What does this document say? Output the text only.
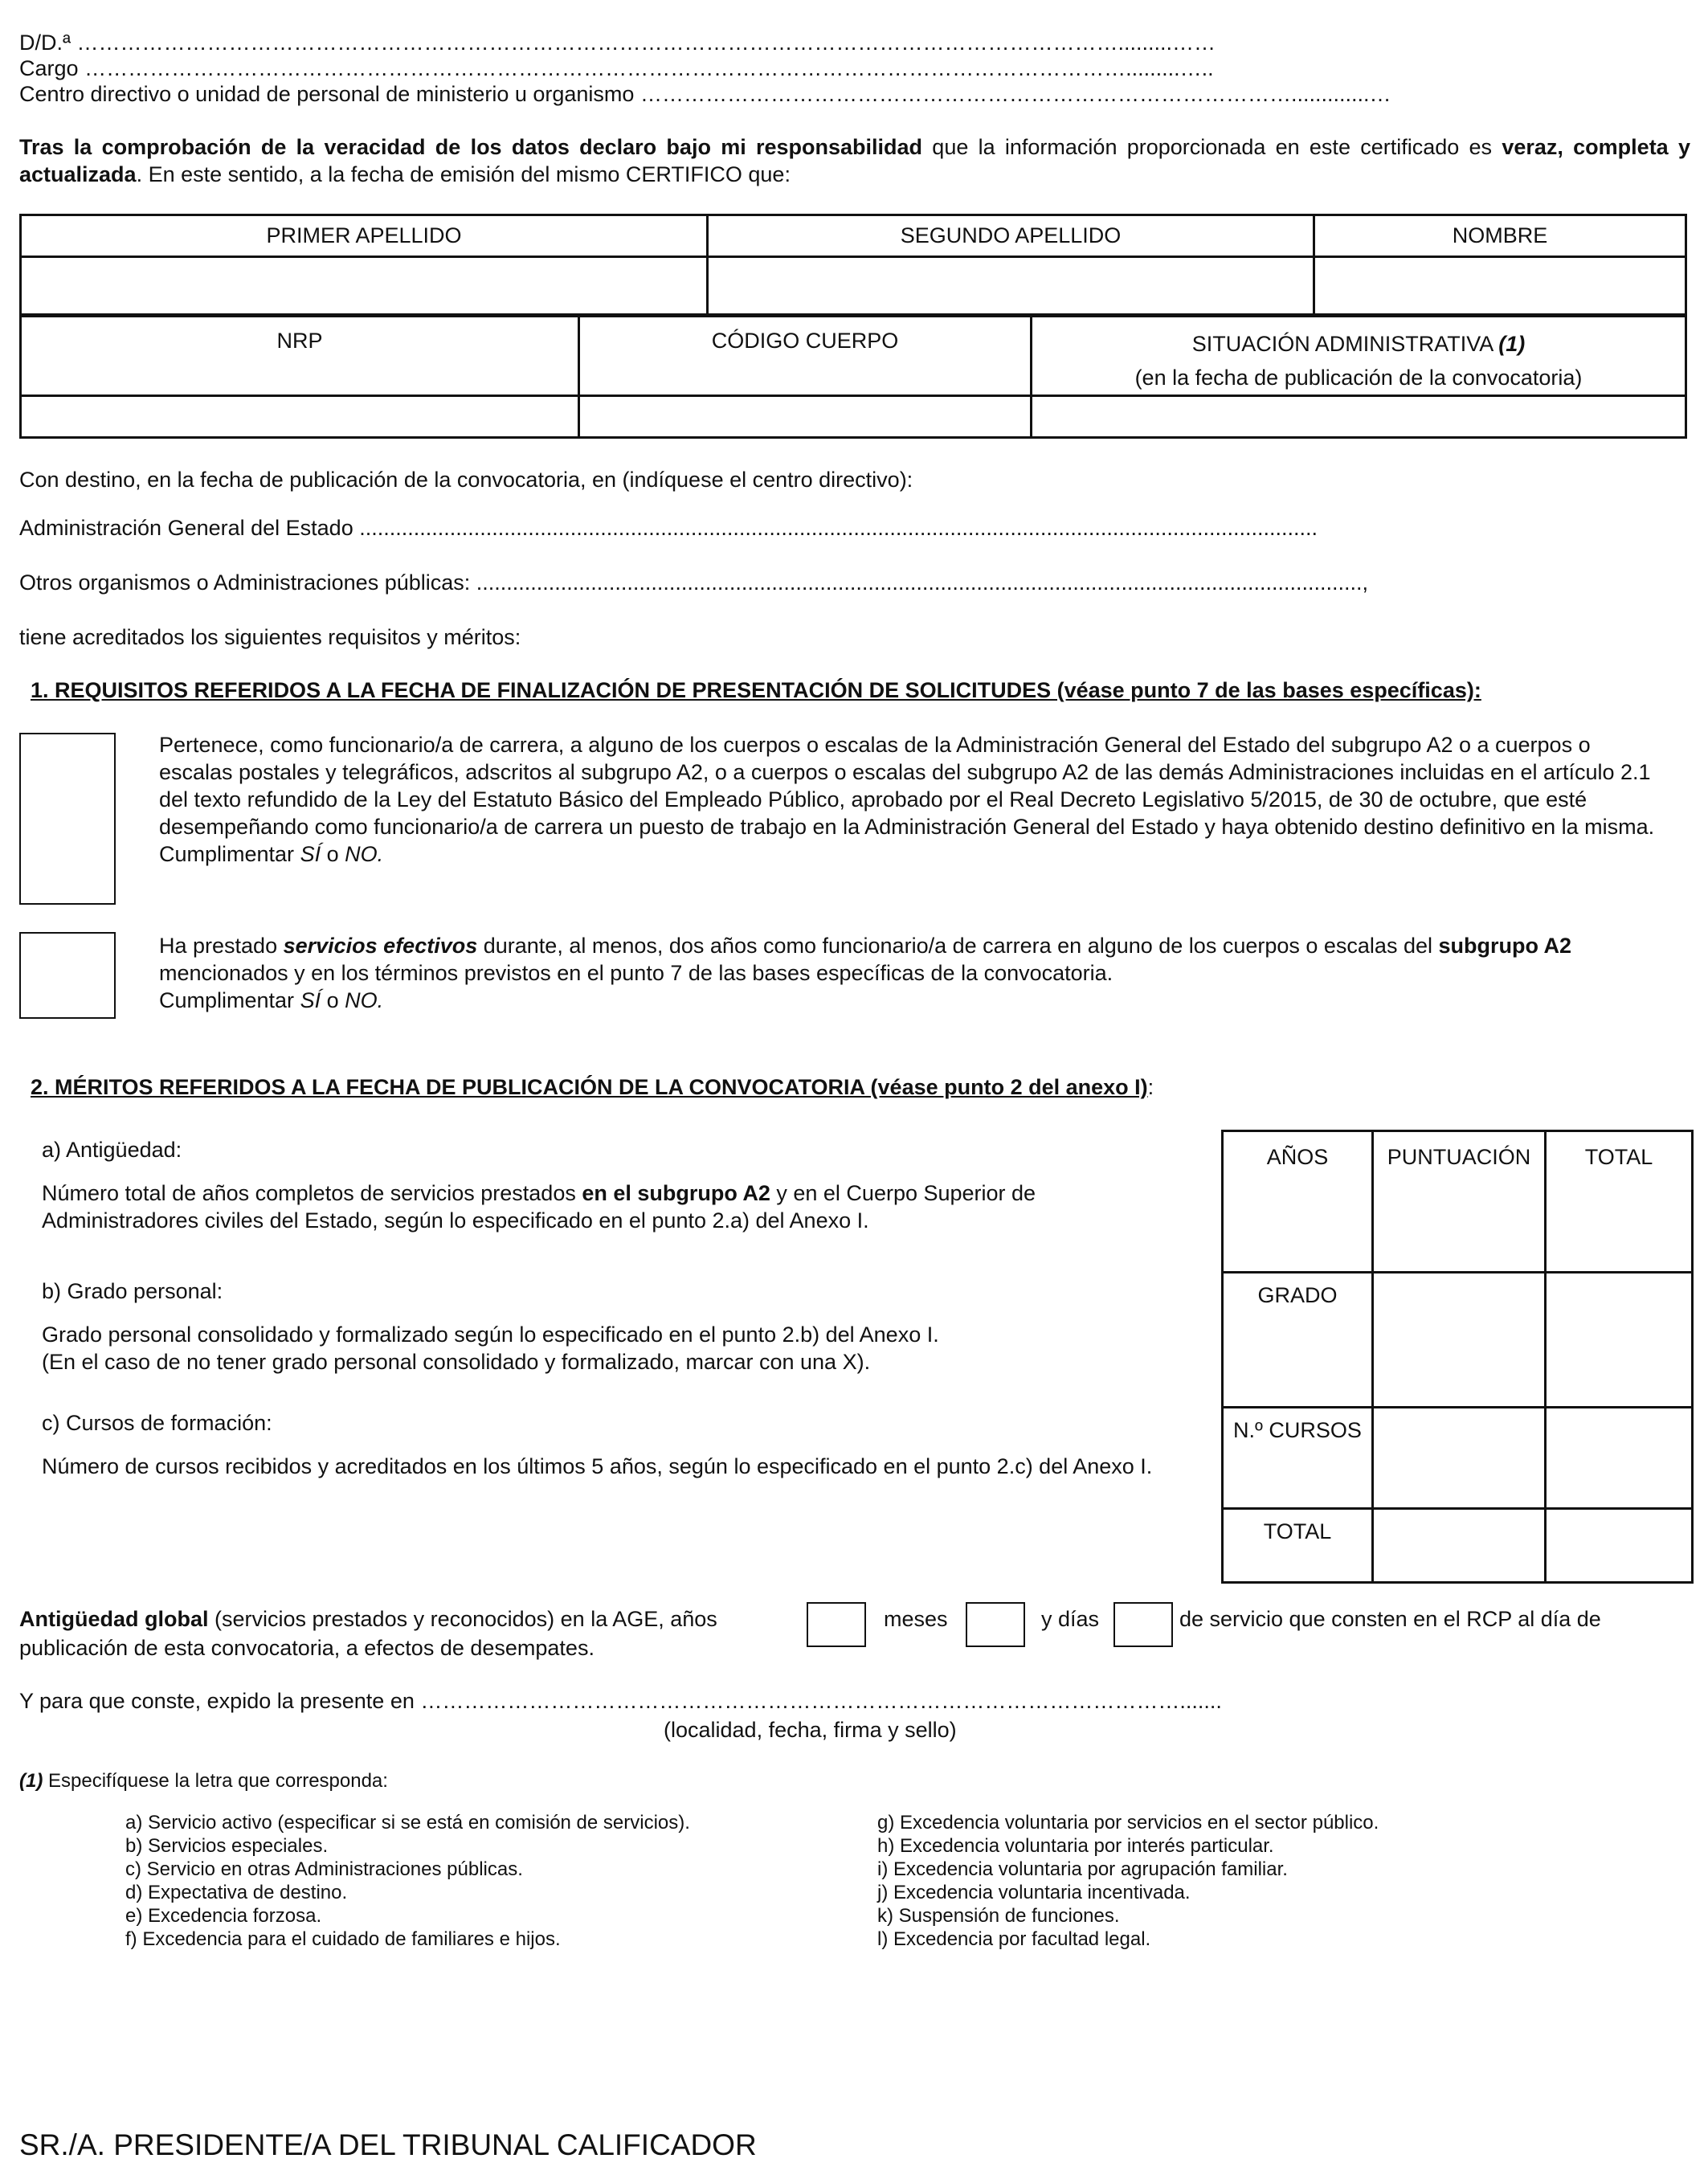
D/D.ª ……………………………………………………………………………………………………………………………….........……
Cargo ……………………………………………………………………………………………………………………………….........…..
Centro directivo o unidad de personal de ministerio u organismo ……………………………………………………………………………….............…
Tras la comprobación de la veracidad de los datos declaro bajo mi responsabilidad que la información proporcionada en este certificado es veraz, completa y actualizada. En este sentido, a la fecha de emisión del mismo CERTIFICO que:
PRIMER APELLIDO	SEGUNDO APELLIDO	NOMBRE

NRP	CÓDIGO CUERPO	SITUACIÓN ADMINISTRATIVA (1)
(en la fecha de publicación de la convocatoria)

Con destino, en la fecha de publicación de la convocatoria, en (indíquese el centro directivo):
Administración General del Estado ...............................................................................................................................................................
Otros organismos o Administraciones públicas: ...................................................................................................................................................,
tiene acreditados los siguientes requisitos y méritos:
1. REQUISITOS REFERIDOS A LA FECHA DE FINALIZACIÓN DE PRESENTACIÓN DE SOLICITUDES (véase punto 7 de las bases específicas):
Pertenece, como funcionario/a de carrera, a alguno de los cuerpos o escalas de la Administración General del Estado del subgrupo A2 o a cuerpos o escalas postales y telegráficos, adscritos al subgrupo A2, o a cuerpos o escalas del subgrupo A2 de las demás Administraciones incluidas en el artículo 2.1 del texto refundido de la Ley del Estatuto Básico del Empleado Público, aprobado por el Real Decreto Legislativo 5/2015, de 30 de octubre, que esté desempeñando como funcionario/a de carrera un puesto de trabajo en la Administración General del Estado y haya obtenido destino definitivo en la misma.
Cumplimentar SÍ o NO.
Ha prestado servicios efectivos durante, al menos, dos años como funcionario/a de carrera en alguno de los cuerpos o escalas del subgrupo A2 mencionados y en los términos previstos en el punto 7 de las bases específicas de la convocatoria.
Cumplimentar SÍ o NO.
2. MÉRITOS REFERIDOS A LA FECHA DE PUBLICACIÓN DE LA CONVOCATORIA (véase punto 2 del anexo I):
a) Antigüedad:
Número total de años completos de servicios prestados en el subgrupo A2 y en el Cuerpo Superior de Administradores civiles del Estado, según lo especificado en el punto 2.a) del Anexo I.
b) Grado personal:
Grado personal consolidado y formalizado según lo especificado en el punto 2.b) del Anexo I.
(En el caso de no tener grado personal consolidado y formalizado, marcar con una X).
c) Cursos de formación:
Número de cursos recibidos y acreditados en los últimos 5 años, según lo especificado en el punto 2.c) del Anexo I.
AÑOS	PUNTUACIÓN	TOTAL
GRADO		
N.º CURSOS		
TOTAL		
Antigüedad global (servicios prestados y reconocidos) en la AGE, años	meses	y días	de servicio que consten en el RCP al día de
publicación de esta convocatoria, a efectos de desempates.
Y para que conste, expido la presente en …………………………………………………………………………………………….......
(localidad, fecha, firma y sello)
(1) Especifíquese la letra que corresponda:
a) Servicio activo (especificar si se está en comisión de servicios).
b) Servicios especiales.
c) Servicio en otras Administraciones públicas.
d) Expectativa de destino.
e) Excedencia forzosa.
f) Excedencia para el cuidado de familiares e hijos.
g) Excedencia voluntaria por servicios en el sector público.
h) Excedencia voluntaria por interés particular.
i) Excedencia voluntaria por agrupación familiar.
j) Excedencia voluntaria incentivada.
k) Suspensión de funciones.
l) Excedencia por facultad legal.
SR./A. PRESIDENTE/A DEL TRIBUNAL CALIFICADOR
